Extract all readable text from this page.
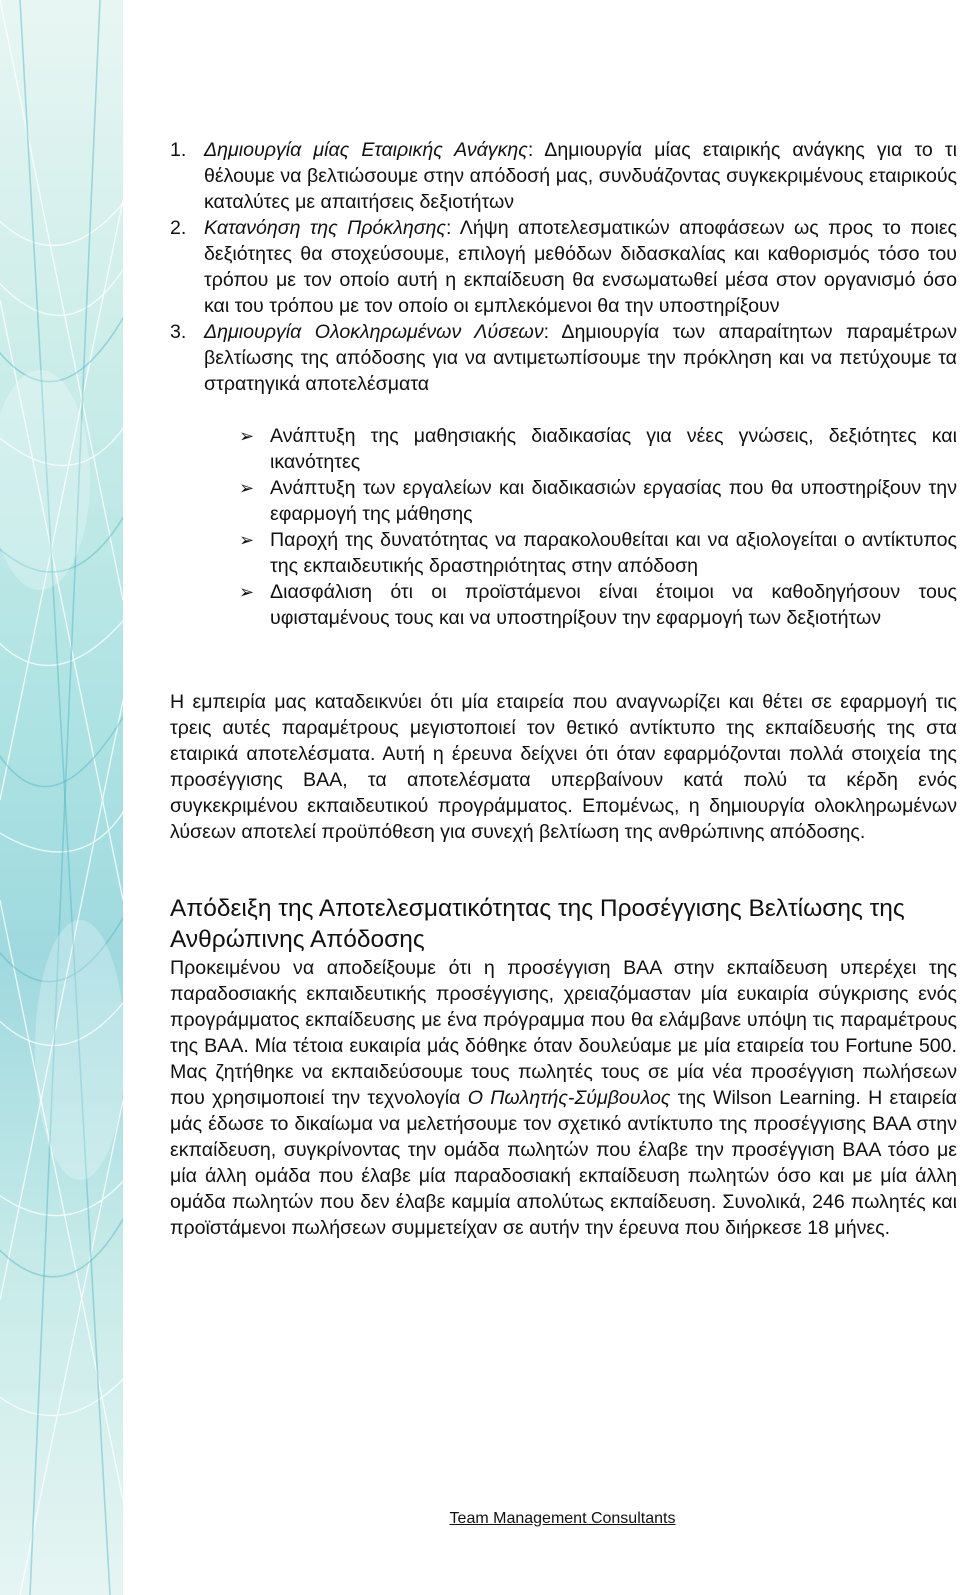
1. Δημιουργία μίας Εταιρικής Ανάγκης: Δημιουργία μίας εταιρικής ανάγκης για το τι θέλουμε να βελτιώσουμε στην απόδοσή μας, συνδυάζοντας συγκεκριμένους εταιρικούς καταλύτες με απαιτήσεις δεξιοτήτων
2. Κατανόηση της Πρόκλησης: Λήψη αποτελεσματικών αποφάσεων ως προς το ποιες δεξιότητες θα στοχεύσουμε, επιλογή μεθόδων διδασκαλίας και καθορισμός τόσο του τρόπου με τον οποίο αυτή η εκπαίδευση θα ενσωματωθεί μέσα στον οργανισμό όσο και του τρόπου με τον οποίο οι εμπλεκόμενοι θα την υποστηρίξουν
3. Δημιουργία Ολοκληρωμένων Λύσεων: Δημιουργία των απαραίτητων παραμέτρων βελτίωσης της απόδοσης για να αντιμετωπίσουμε την πρόκληση και να πετύχουμε τα στρατηγικά αποτελέσματα
➢ Ανάπτυξη της μαθησιακής διαδικασίας για νέες γνώσεις, δεξιότητες και ικανότητες
➢ Ανάπτυξη των εργαλείων και διαδικασιών εργασίας που θα υποστηρίξουν την εφαρμογή της μάθησης
➢ Παροχή της δυνατότητας να παρακολουθείται και να αξιολογείται ο αντίκτυπος της εκπαιδευτικής δραστηριότητας στην απόδοση
➢ Διασφάλιση ότι οι προϊστάμενοι είναι έτοιμοι να καθοδηγήσουν τους υφισταμένους τους και να υποστηρίξουν την εφαρμογή των δεξιοτήτων

Η εμπειρία μας καταδεικνύει ότι μία εταιρεία που αναγνωρίζει και θέτει σε εφαρμογή τις τρεις αυτές παραμέτρους μεγιστοποιεί τον θετικό αντίκτυπο της εκπαίδευσής της στα εταιρικά αποτελέσματα. Αυτή η έρευνα δείχνει ότι όταν εφαρμόζονται πολλά στοιχεία της προσέγγισης ΒΑΑ, τα αποτελέσματα υπερβαίνουν κατά πολύ τα κέρδη ενός συγκεκριμένου εκπαιδευτικού προγράμματος. Επομένως, η δημιουργία ολοκληρωμένων λύσεων αποτελεί προϋπόθεση για συνεχή βελτίωση της ανθρώπινης απόδοσης.

Απόδειξη της Αποτελεσματικότητας της Προσέγγισης Βελτίωσης της Ανθρώπινης Απόδοσης

Προκειμένου να αποδείξουμε ότι η προσέγγιση ΒΑΑ στην εκπαίδευση υπερέχει της παραδοσιακής εκπαιδευτικής προσέγγισης, χρειαζόμασταν μία ευκαιρία σύγκρισης ενός προγράμματος εκπαίδευσης με ένα πρόγραμμα που θα ελάμβανε υπόψη τις παραμέτρους της ΒΑΑ. Μία τέτοια ευκαιρία μάς δόθηκε όταν δουλεύαμε με μία εταιρεία του Fortune 500. Μας ζητήθηκε να εκπαιδεύσουμε τους πωλητές τους σε μία νέα προσέγγιση πωλήσεων που χρησιμοποιεί την τεχνολογία Ο Πωλητής-Σύμβουλος της Wilson Learning. Η εταιρεία μάς έδωσε το δικαίωμα να μελετήσουμε τον σχετικό αντίκτυπο της προσέγγισης ΒΑΑ στην εκπαίδευση, συγκρίνοντας την ομάδα πωλητών που έλαβε την προσέγγιση ΒΑΑ τόσο με μία άλλη ομάδα που έλαβε μία παραδοσιακή εκπαίδευση πωλητών όσο και με μία άλλη ομάδα πωλητών που δεν έλαβε καμμία απολύτως εκπαίδευση. Συνολικά, 246 πωλητές και προϊστάμενοι πωλήσεων συμμετείχαν σε αυτήν την έρευνα που διήρκεσε 18 μήνες.

Team Management Consultants
